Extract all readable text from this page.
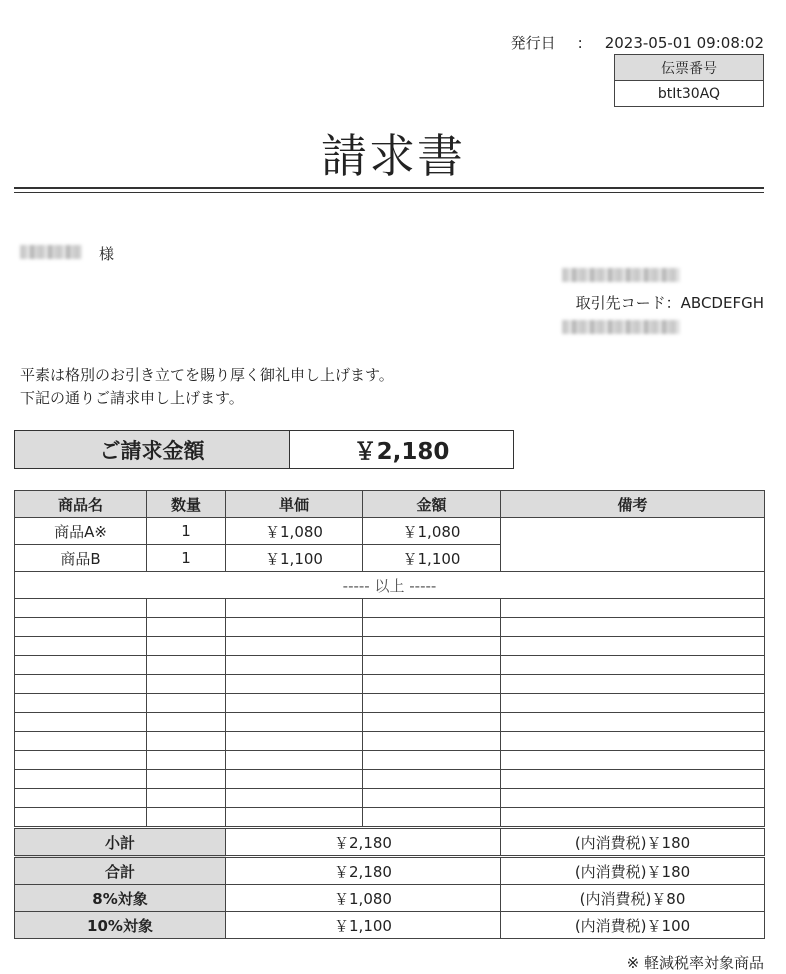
発行日 : 2023-05-01 09:08:02
伝票番号
btIt30AQ
請求書
様
取引先コード：ABCDEFGH
平素は格別のお引き立てを賜り厚く御礼申し上げます。
下記の通りご請求申し上げます。
ご請求金額	￥2,180
商品名	数量	単価	金額	備考
商品A※	1	￥1,080	￥1,080	
商品B	1	￥1,100	￥1,100	
----- 以上 -----				

小計		￥2,180		(内消費税)￥180
合計		￥2,180		(内消費税)￥180
8%対象		￥1,080		(内消費税)￥80
10%対象		￥1,100		(内消費税)￥100
※ 軽減税率対象商品
